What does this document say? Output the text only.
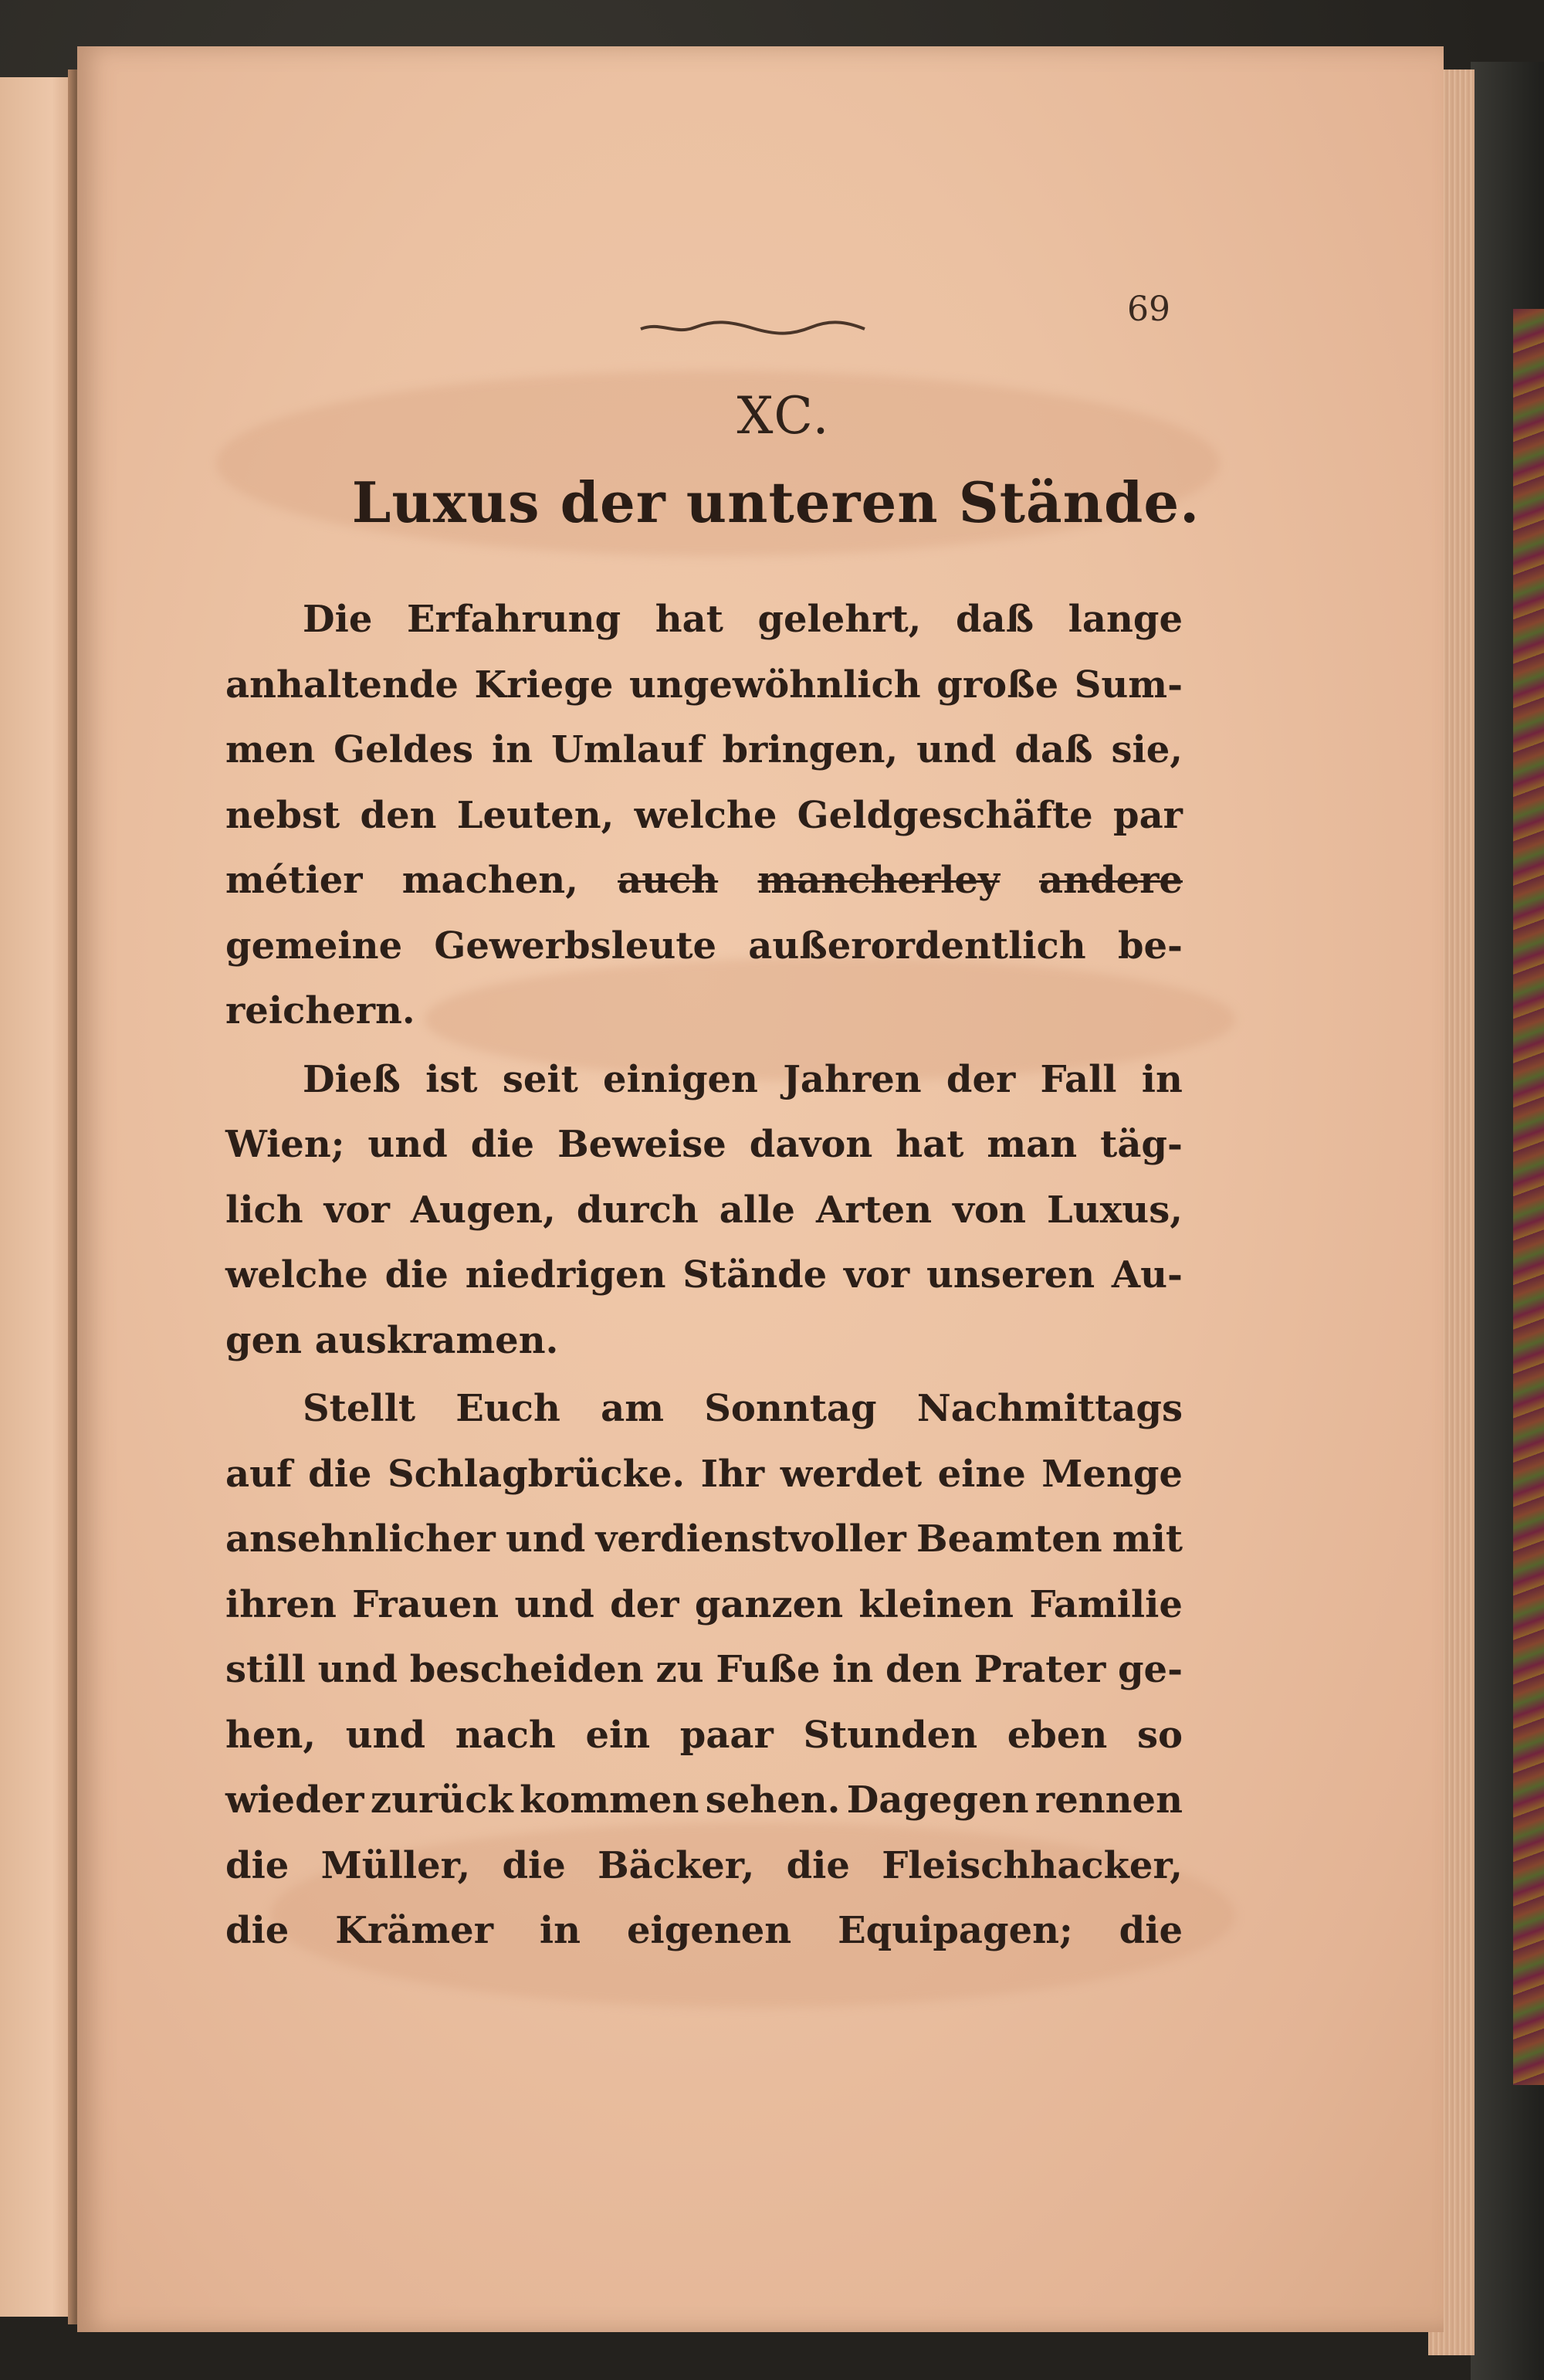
69
XC.
Luxus der unteren Stände.
Die Erfahrung hat gelehrt, daß lange
anhaltende Kriege ungewöhnlich große Sum-
men Geldes in Umlauf bringen, und daß sie,
nebst den Leuten, welche Geldgeschäfte par
métier machen, auch mancherley andere
gemeine Gewerbsleute außerordentlich be-
reichern.
Dieß ist seit einigen Jahren der Fall in
Wien; und die Beweise davon hat man täg-
lich vor Augen, durch alle Arten von Luxus,
welche die niedrigen Stände vor unseren Au-
gen auskramen.
Stellt Euch am Sonntag Nachmittags
auf die Schlagbrücke. Ihr werdet eine Menge
ansehnlicher und verdienstvoller Beamten mit
ihren Frauen und der ganzen kleinen Familie
still und bescheiden zu Fuße in den Prater ge-
hen, und nach ein paar Stunden eben so
wieder zurück kommen sehen. Dagegen rennen
die Müller, die Bäcker, die Fleischhacker,
die Krämer in eigenen Equipagen; die
